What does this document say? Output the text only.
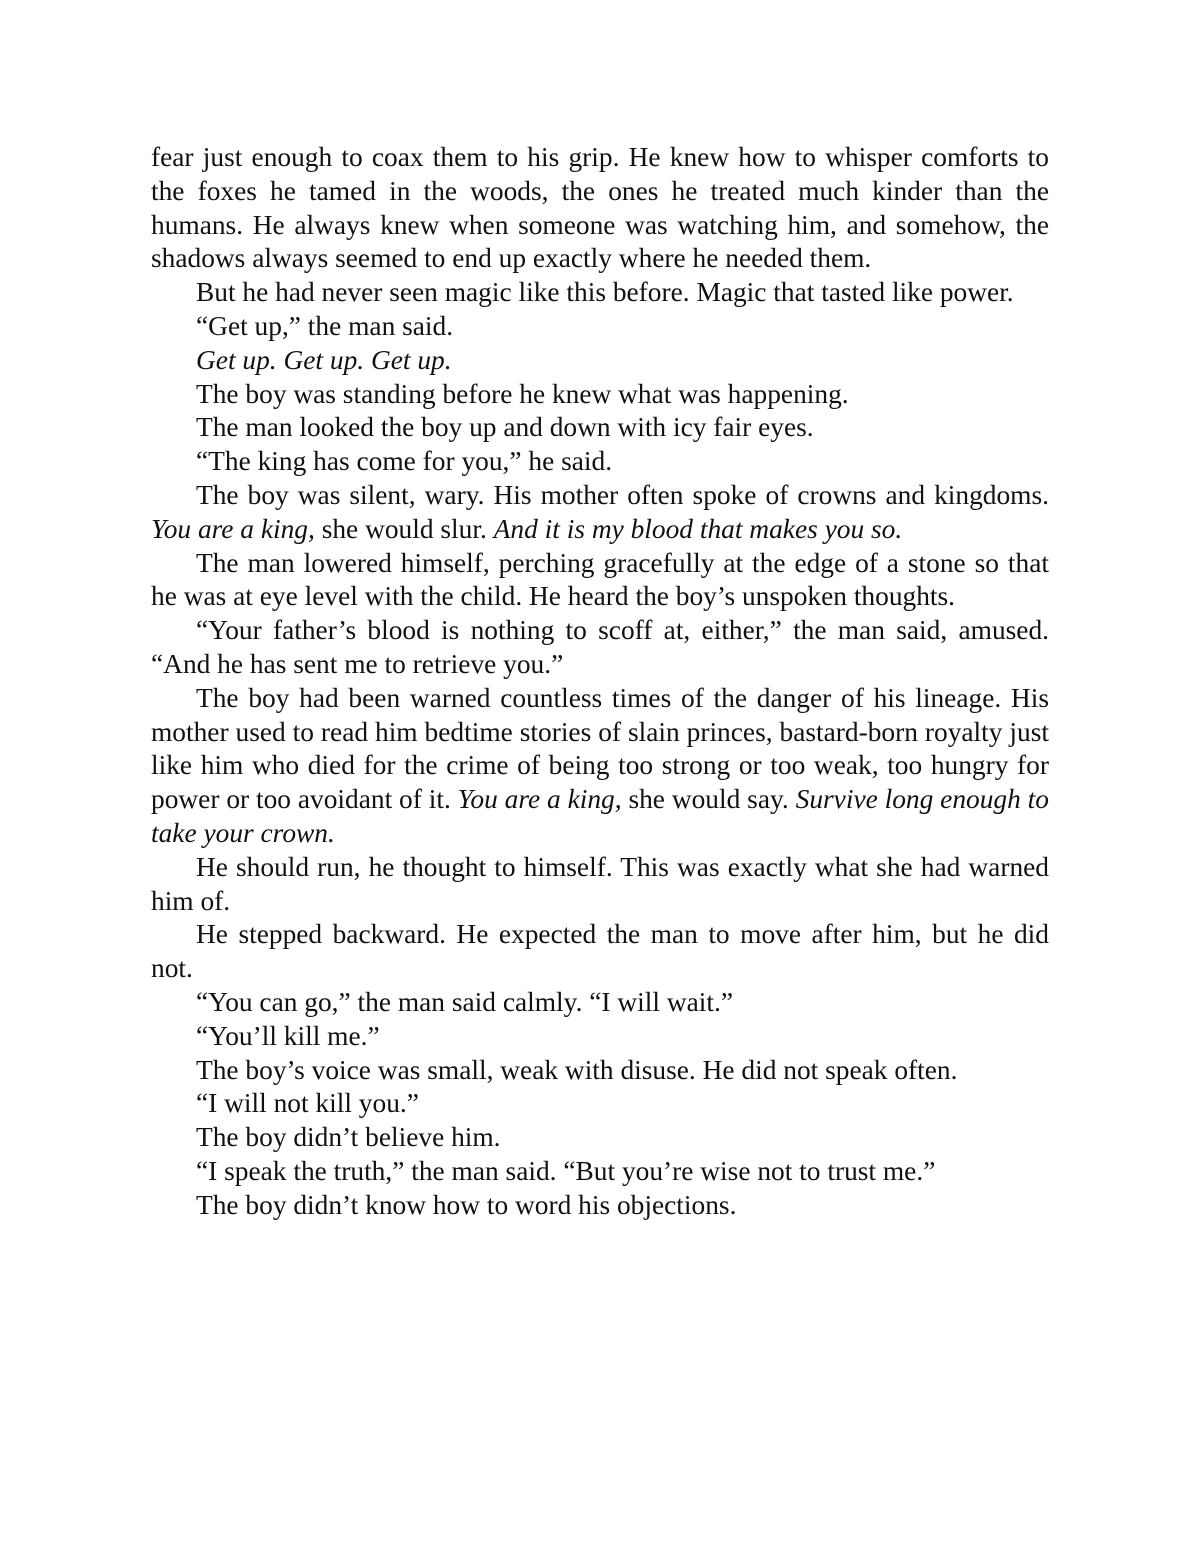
fear just enough to coax them to his grip. He knew how to whisper comforts to the foxes he tamed in the woods, the ones he treated much kinder than the humans. He always knew when someone was watching him, and somehow, the shadows always seemed to end up exactly where he needed them.

But he had never seen magic like this before. Magic that tasted like power.

“Get up,” the man said.

Get up. Get up. Get up.

The boy was standing before he knew what was happening.

The man looked the boy up and down with icy fair eyes.

“The king has come for you,” he said.

The boy was silent, wary. His mother often spoke of crowns and kingdoms. You are a king, she would slur. And it is my blood that makes you so.

The man lowered himself, perching gracefully at the edge of a stone so that he was at eye level with the child. He heard the boy’s unspoken thoughts.

“Your father’s blood is nothing to scoff at, either,” the man said, amused. “And he has sent me to retrieve you.”

The boy had been warned countless times of the danger of his lineage. His mother used to read him bedtime stories of slain princes, bastard-born royalty just like him who died for the crime of being too strong or too weak, too hungry for power or too avoidant of it. You are a king, she would say. Survive long enough to take your crown.

He should run, he thought to himself. This was exactly what she had warned him of.

He stepped backward. He expected the man to move after him, but he did not.

“You can go,” the man said calmly. “I will wait.”

“You’ll kill me.”

The boy’s voice was small, weak with disuse. He did not speak often.

“I will not kill you.”

The boy didn’t believe him.

“I speak the truth,” the man said. “But you’re wise not to trust me.”

The boy didn’t know how to word his objections.
